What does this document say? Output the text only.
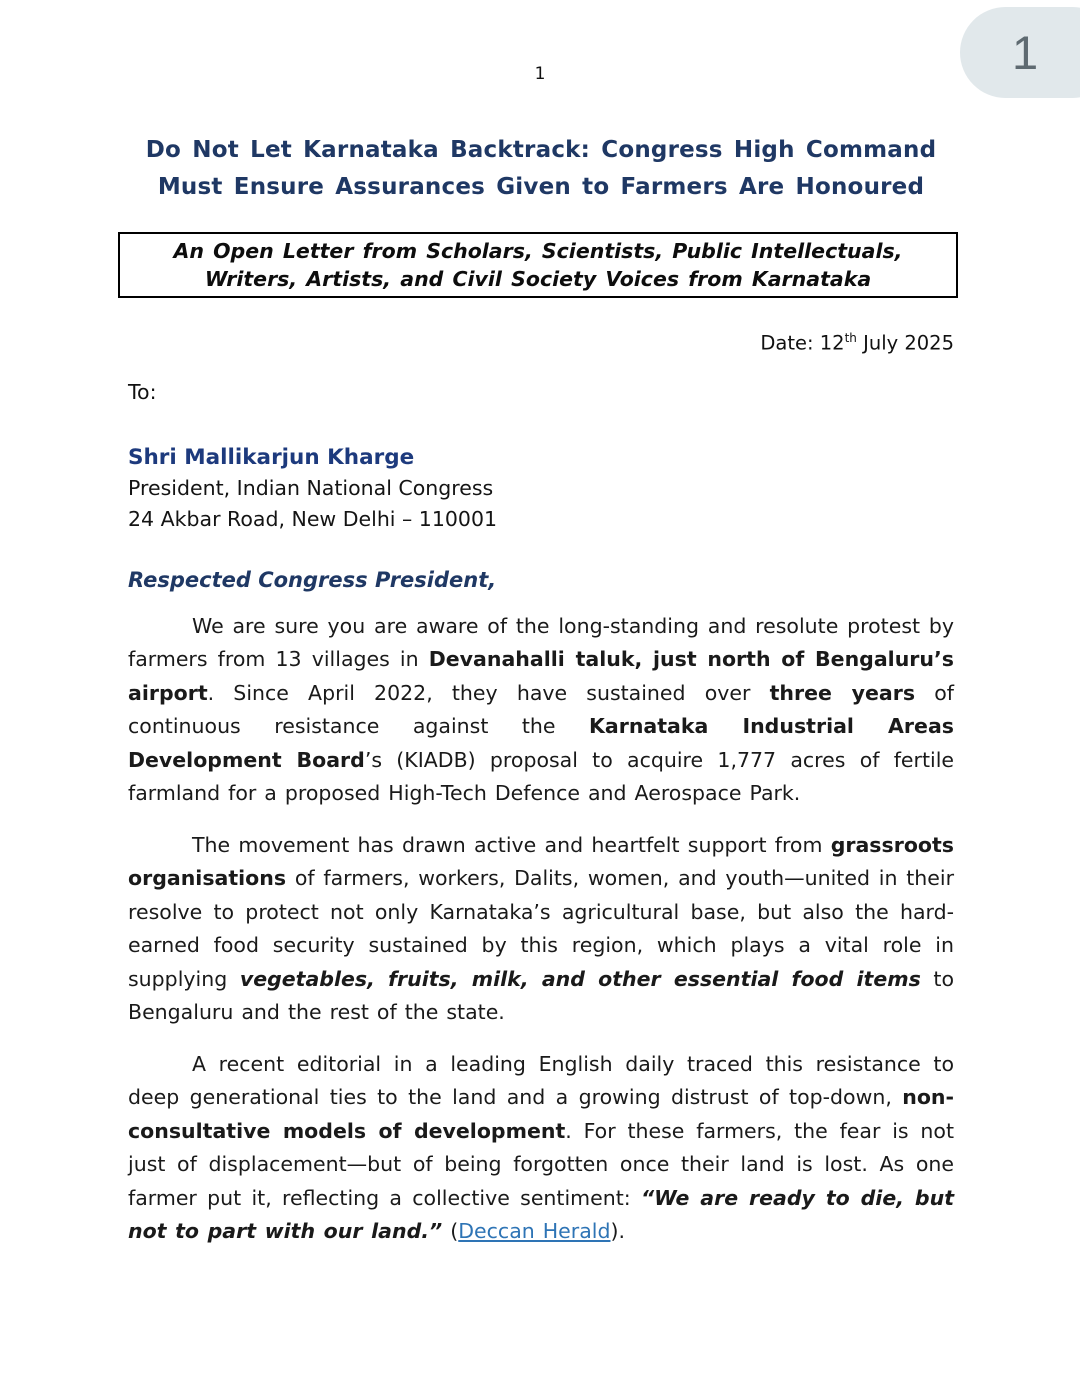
1
1
Do Not Let Karnataka Backtrack: Congress High Command Must Ensure Assurances Given to Farmers Are Honoured

An Open Letter from Scholars, Scientists, Public Intellectuals, Writers, Artists, and Civil Society Voices from Karnataka

Date: 12th July 2025
To:
Shri Mallikarjun Kharge
President, Indian National Congress
24 Akbar Road, New Delhi – 110001
Respected Congress President,

We are sure you are aware of the long-standing and resolute protest by farmers from 13 villages in Devanahalli taluk, just north of Bengaluru’s airport. Since April 2022, they have sustained over three years of continuous resistance against the Karnataka Industrial Areas Development Board’s (KIADB) proposal to acquire 1,777 acres of fertile farmland for a proposed High-Tech Defence and Aerospace Park.

The movement has drawn active and heartfelt support from grassroots organisations of farmers, workers, Dalits, women, and youth—united in their resolve to protect not only Karnataka’s agricultural base, but also the hard-earned food security sustained by this region, which plays a vital role in supplying vegetables, fruits, milk, and other essential food items to Bengaluru and the rest of the state.

A recent editorial in a leading English daily traced this resistance to deep generational ties to the land and a growing distrust of top-down, non-consultative models of development. For these farmers, the fear is not just of displacement—but of being forgotten once their land is lost. As one farmer put it, reflecting a collective sentiment: “We are ready to die, but not to part with our land.” (Deccan Herald).
